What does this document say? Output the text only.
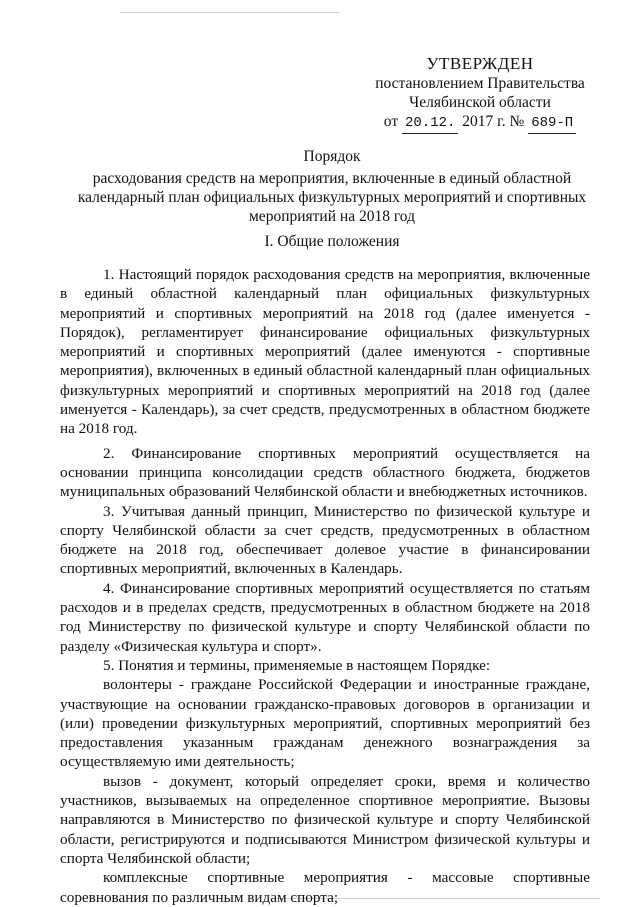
УТВЕРЖДЕН
постановлением Правительства
Челябинской области
от 20.12. 2017 г. № 689-П
Порядок
расходования средств на мероприятия, включенные в единый областной календарный план официальных физкультурных мероприятий и спортивных мероприятий на 2018 год
I. Общие положения

1. Настоящий порядок расходования средств на мероприятия, включенные в единый областной календарный план официальных физкультурных мероприятий и спортивных мероприятий на 2018 год (далее именуется - Порядок), регламентирует финансирование официальных физкультурных мероприятий и спортивных мероприятий (далее именуются - спортивные мероприятия), включенных в единый областной календарный план официальных физкультурных мероприятий и спортивных мероприятий на 2018 год (далее именуется - Календарь), за счет средств, предусмотренных в областном бюджете на 2018 год.

2. Финансирование спортивных мероприятий осуществляется на основании принципа консолидации средств областного бюджета, бюджетов муниципальных образований Челябинской области и внебюджетных источников.

3. Учитывая данный принцип, Министерство по физической культуре и спорту Челябинской области за счет средств, предусмотренных в областном бюджете на 2018 год, обеспечивает долевое участие в финансировании спортивных мероприятий, включенных в Календарь.

4. Финансирование спортивных мероприятий осуществляется по статьям расходов и в пределах средств, предусмотренных в областном бюджете на 2018 год Министерству по физической культуре и спорту Челябинской области по разделу «Физическая культура и спорт».

5. Понятия и термины, применяемые в настоящем Порядке:

волонтеры - граждане Российской Федерации и иностранные граждане, участвующие на основании гражданско-правовых договоров в организации и (или) проведении физкультурных мероприятий, спортивных мероприятий без предоставления указанным гражданам денежного вознаграждения за осуществляемую ими деятельность;

вызов - документ, который определяет сроки, время и количество участников, вызываемых на определенное спортивное мероприятие. Вызовы направляются в Министерство по физической культуре и спорту Челябинской области, регистрируются и подписываются Министром физической культуры и спорта Челябинской области;

комплексные спортивные мероприятия - массовые спортивные соревнования по различным видам спорта;
